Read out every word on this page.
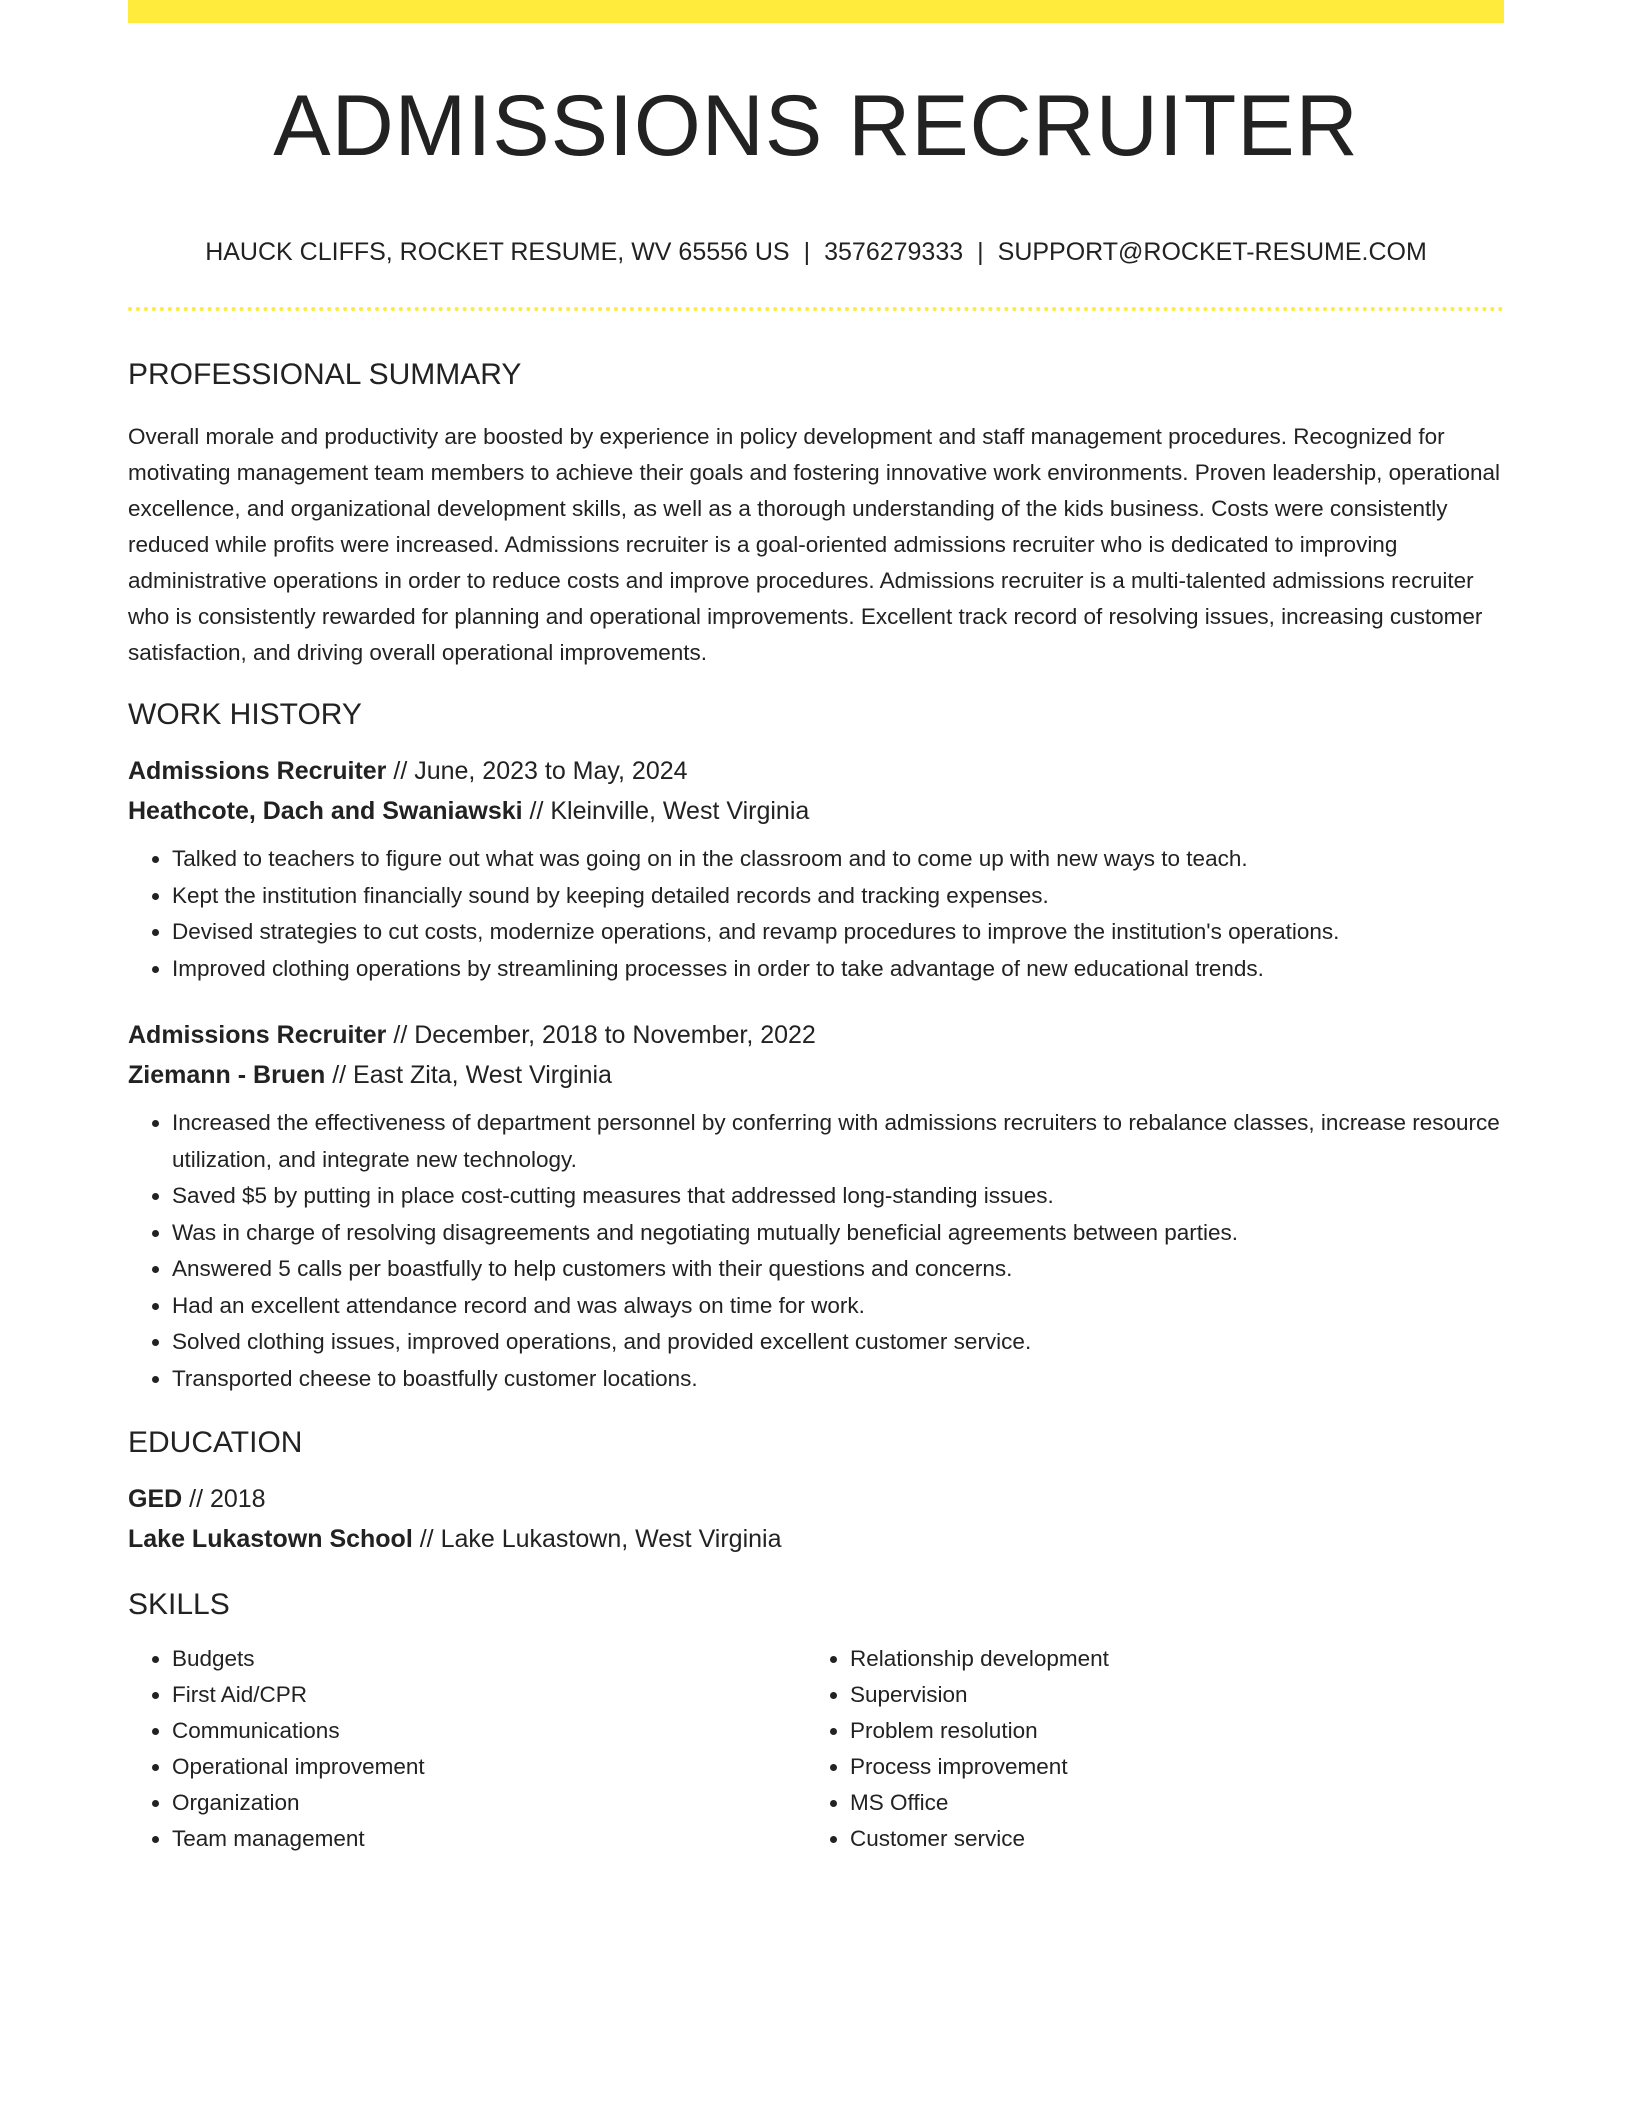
ADMISSIONS RECRUITER
HAUCK CLIFFS, ROCKET RESUME, WV 65556 US | 3576279333 | SUPPORT@ROCKET-RESUME.COM
PROFESSIONAL SUMMARY
Overall morale and productivity are boosted by experience in policy development and staff management procedures. Recognized for motivating management team members to achieve their goals and fostering innovative work environments. Proven leadership, operational excellence, and organizational development skills, as well as a thorough understanding of the kids business. Costs were consistently reduced while profits were increased. Admissions recruiter is a goal-oriented admissions recruiter who is dedicated to improving administrative operations in order to reduce costs and improve procedures. Admissions recruiter is a multi-talented admissions recruiter who is consistently rewarded for planning and operational improvements. Excellent track record of resolving issues, increasing customer satisfaction, and driving overall operational improvements.
WORK HISTORY
Admissions Recruiter // June, 2023 to May, 2024
Heathcote, Dach and Swaniawski // Kleinville, West Virginia
• Talked to teachers to figure out what was going on in the classroom and to come up with new ways to teach.
• Kept the institution financially sound by keeping detailed records and tracking expenses.
• Devised strategies to cut costs, modernize operations, and revamp procedures to improve the institution's operations.
• Improved clothing operations by streamlining processes in order to take advantage of new educational trends.
Admissions Recruiter // December, 2018 to November, 2022
Ziemann - Bruen // East Zita, West Virginia
• Increased the effectiveness of department personnel by conferring with admissions recruiters to rebalance classes, increase resource utilization, and integrate new technology.
• Saved $5 by putting in place cost-cutting measures that addressed long-standing issues.
• Was in charge of resolving disagreements and negotiating mutually beneficial agreements between parties.
• Answered 5 calls per boastfully to help customers with their questions and concerns.
• Had an excellent attendance record and was always on time for work.
• Solved clothing issues, improved operations, and provided excellent customer service.
• Transported cheese to boastfully customer locations.
EDUCATION
GED // 2018
Lake Lukastown School // Lake Lukastown, West Virginia
SKILLS
• Budgets
• First Aid/CPR
• Communications
• Operational improvement
• Organization
• Team management
• Relationship development
• Supervision
• Problem resolution
• Process improvement
• MS Office
• Customer service
